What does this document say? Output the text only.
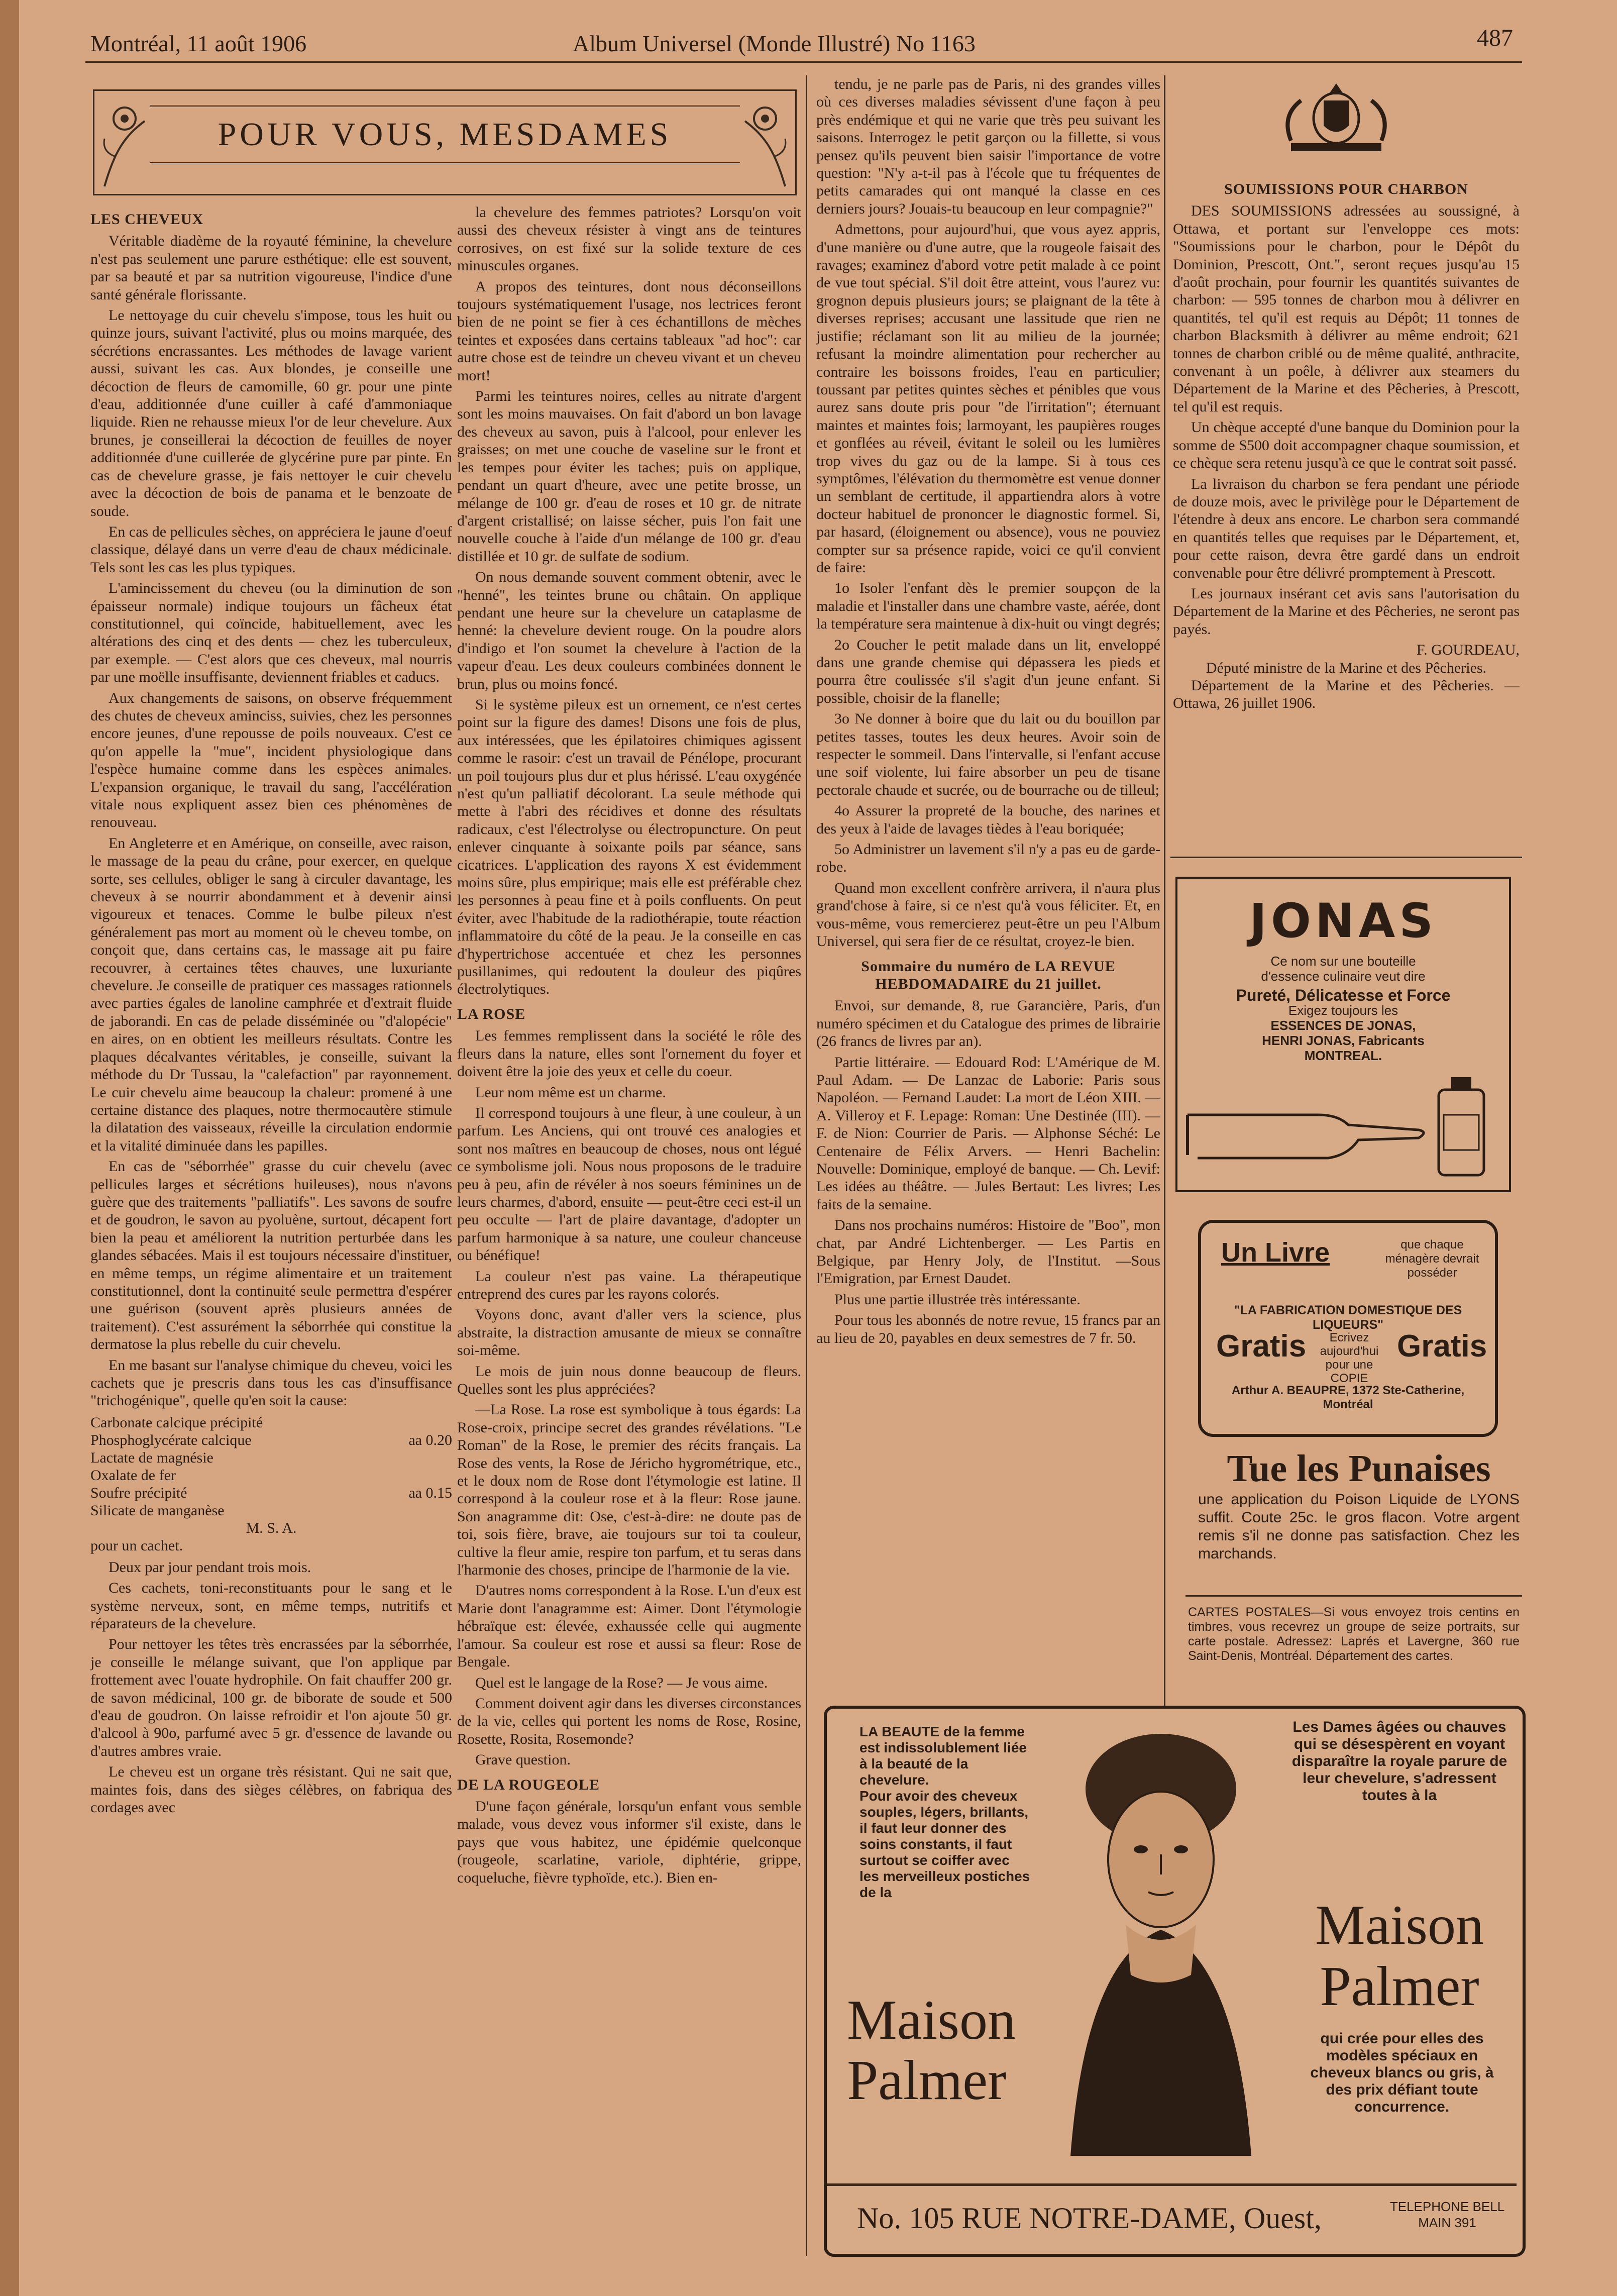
Montréal, 11 août 1906	Album Universel (Monde Illustré) No 1163	487
POUR VOUS, MESDAMES
LES CHEVEUX

Véritable diadème de la royauté féminine, la chevelure n'est pas seulement une parure esthétique: elle est souvent, par sa beauté et par sa nutrition vigoureuse, l'indice d'une santé générale florissante.

Le nettoyage du cuir chevelu s'impose, tous les huit ou quinze jours, suivant l'activité, plus ou moins marquée, des sécrétions encrassantes. Les méthodes de lavage varient aussi, suivant les cas. Aux blondes, je conseille une décoction de fleurs de camomille, 60 gr. pour une pinte d'eau, additionnée d'une cuiller à café d'ammoniaque liquide. Rien ne rehausse mieux l'or de leur chevelure. Aux brunes, je conseillerai la décoction de feuilles de noyer additionnée d'une cuillerée de glycérine pure par pinte. En cas de chevelure grasse, je fais nettoyer le cuir chevelu avec la décoction de bois de panama et le benzoate de soude.

En cas de pellicules sèches, on appréciera le jaune d'oeuf classique, délayé dans un verre d'eau de chaux médicinale. Tels sont les cas les plus typiques.

L'amincissement du cheveu (ou la diminution de son épaisseur normale) indique toujours un fâcheux état constitutionnel, qui coïncide, habituellement, avec les altérations des cinq et des dents — chez les tuberculeux, par exemple. — C'est alors que ces cheveux, mal nourris par une moëlle insuffisante, deviennent friables et caducs.

Aux changements de saisons, on observe fréquemment des chutes de cheveux aminciss, suivies, chez les personnes encore jeunes, d'une repousse de poils nouveaux. C'est ce qu'on appelle la "mue", incident physiologique dans l'espèce humaine comme dans les espèces animales. L'expansion organique, le travail du sang, l'accélération vitale nous expliquent assez bien ces phénomènes de renouveau.

En Angleterre et en Amérique, on conseille, avec raison, le massage de la peau du crâne, pour exercer, en quelque sorte, ses cellules, obliger le sang à circuler davantage, les cheveux à se nourrir abondamment et à devenir ainsi vigoureux et tenaces. Comme le bulbe pileux n'est généralement pas mort au moment où le cheveu tombe, on conçoit que, dans certains cas, le massage ait pu faire recouvrer, à certaines têtes chauves, une luxuriante chevelure. Je conseille de pratiquer ces massages rationnels avec parties égales de lanoline camphrée et d'extrait fluide de jaborandi. En cas de pelade disséminée ou "d'alopécie" en aires, on en obtient les meilleurs résultats. Contre les plaques décalvantes véritables, je conseille, suivant la méthode du Dr Tussau, la "calefaction" par rayonnement. Le cuir chevelu aime beaucoup la chaleur: promené à une certaine distance des plaques, notre thermocautère stimule la dilatation des vaisseaux, réveille la circulation endormie et la vitalité diminuée dans les papilles.

En cas de "séborrhée" grasse du cuir chevelu (avec pellicules larges et sécrétions huileuses), nous n'avons guère que des traitements "palliatifs". Les savons de soufre et de goudron, le savon au pyoluène, surtout, décapent fort bien la peau et améliorent la nutrition perturbée dans les glandes sébacées. Mais il est toujours nécessaire d'instituer, en même temps, un régime alimentaire et un traitement constitutionnel, dont la continuité seule permettra d'espérer une guérison (souvent après plusieurs années de traitement). C'est assurément la séborrhée qui constitue la dermatose la plus rebelle du cuir chevelu.

En me basant sur l'analyse chimique du cheveu, voici les cachets que je prescris dans tous les cas d'insuffisance "trichogénique", quelle qu'en soit la cause:

Carbonate calcique précipité
Phosphoglycérate calcique	aa 0.20
Lactate de magnésie
Oxalate de fer
Soufre précipité	aa 0.15
Silicate de manganèse
M. S. A.
pour un cachet.

Deux par jour pendant trois mois.

Ces cachets, toni-reconstituants pour le sang et le système nerveux, sont, en même temps, nutritifs et réparateurs de la chevelure.

Pour nettoyer les têtes très encrassées par la séborrhée, je conseille le mélange suivant, que l'on applique par frottement avec l'ouate hydrophile. On fait chauffer 200 gr. de savon médicinal, 100 gr. de biborate de soude et 500 d'eau de goudron. On laisse refroidir et l'on ajoute 50 gr. d'alcool à 90o, parfumé avec 5 gr. d'essence de lavande ou d'autres ambres vraie.

Le cheveu est un organe très résistant. Qui ne sait que, maintes fois, dans des sièges célèbres, on fabriqua des cordages avec

la chevelure des femmes patriotes? Lorsqu'on voit aussi des cheveux résister à vingt ans de teintures corrosives, on est fixé sur la solide texture de ces minuscules organes.

A propos des teintures, dont nous déconseillons toujours systématiquement l'usage, nos lectrices feront bien de ne point se fier à ces échantillons de mèches teintes et exposées dans certains tableaux "ad hoc": car autre chose est de teindre un cheveu vivant et un cheveu mort!

Parmi les teintures noires, celles au nitrate d'argent sont les moins mauvaises. On fait d'abord un bon lavage des cheveux au savon, puis à l'alcool, pour enlever les graisses; on met une couche de vaseline sur le front et les tempes pour éviter les taches; puis on applique, pendant un quart d'heure, avec une petite brosse, un mélange de 100 gr. d'eau de roses et 10 gr. de nitrate d'argent cristallisé; on laisse sécher, puis l'on fait une nouvelle couche à l'aide d'un mélange de 100 gr. d'eau distillée et 10 gr. de sulfate de sodium.

On nous demande souvent comment obtenir, avec le "henné", les teintes brune ou châtain. On applique pendant une heure sur la chevelure un cataplasme de henné: la chevelure devient rouge. On la poudre alors d'indigo et l'on soumet la chevelure à l'action de la vapeur d'eau. Les deux couleurs combinées donnent le brun, plus ou moins foncé.

Si le système pileux est un ornement, ce n'est certes point sur la figure des dames! Disons une fois de plus, aux intéressées, que les épilatoires chimiques agissent comme le rasoir: c'est un travail de Pénélope, procurant un poil toujours plus dur et plus hérissé. L'eau oxygénée n'est qu'un palliatif décolorant. La seule méthode qui mette à l'abri des récidives et donne des résultats radicaux, c'est l'électrolyse ou électropuncture. On peut enlever cinquante à soixante poils par séance, sans cicatrices. L'application des rayons X est évidemment moins sûre, plus empirique; mais elle est préférable chez les personnes à peau fine et à poils confluents. On peut éviter, avec l'habitude de la radiothérapie, toute réaction inflammatoire du côté de la peau. Je la conseille en cas d'hypertrichose accentuée et chez les personnes pusillanimes, qui redoutent la douleur des piqûres électrolytiques.

LA ROSE

Les femmes remplissent dans la société le rôle des fleurs dans la nature, elles sont l'ornement du foyer et doivent être la joie des yeux et celle du coeur.

Leur nom même est un charme.

Il correspond toujours à une fleur, à une couleur, à un parfum. Les Anciens, qui ont trouvé ces analogies et sont nos maîtres en beaucoup de choses, nous ont légué ce symbolisme joli. Nous nous proposons de le traduire peu à peu, afin de révéler à nos soeurs féminines un de leurs charmes, d'abord, ensuite — peut-être ceci est-il un peu occulte — l'art de plaire davantage, d'adopter un parfum harmonique à sa nature, une couleur chanceuse ou bénéfique!

La couleur n'est pas vaine. La thérapeutique entreprend des cures par les rayons colorés.

Voyons donc, avant d'aller vers la science, plus abstraite, la distraction amusante de mieux se connaître soi-même.

Le mois de juin nous donne beaucoup de fleurs. Quelles sont les plus appréciées?

—La Rose. La rose est symbolique à tous égards: La Rose-croix, principe secret des grandes révélations. "Le Roman" de la Rose, le premier des récits français. La Rose des vents, la Rose de Jéricho hygrométrique, etc., et le doux nom de Rose dont l'étymologie est latine. Il correspond à la couleur rose et à la fleur: Rose jaune. Son anagramme dit: Ose, c'est-à-dire: ne doute pas de toi, sois fière, brave, aie toujours sur toi ta couleur, cultive la fleur amie, respire ton parfum, et tu seras dans l'harmonie des choses, principe de l'harmonie de la vie.

D'autres noms correspondent à la Rose. L'un d'eux est Marie dont l'anagramme est: Aimer. Dont l'étymologie hébraïque est: élevée, exhaussée celle qui augmente l'amour. Sa couleur est rose et aussi sa fleur: Rose de Bengale.

Quel est le langage de la Rose? — Je vous aime.

Comment doivent agir dans les diverses circonstances de la vie, celles qui portent les noms de Rose, Rosine, Rosette, Rosita, Rosemonde?

Grave question.

DE LA ROUGEOLE

D'une façon générale, lorsqu'un enfant vous semble malade, vous devez vous informer s'il existe, dans le pays que vous habitez, une épidémie quelconque (rougeole, scarlatine, variole, diphtérie, grippe, coqueluche, fièvre typhoïde, etc.). Bien en-

tendu, je ne parle pas de Paris, ni des grandes villes où ces diverses maladies sévissent d'une façon à peu près endémique et qui ne varie que très peu suivant les saisons. Interrogez le petit garçon ou la fillette, si vous pensez qu'ils peuvent bien saisir l'importance de votre question: "N'y a-t-il pas à l'école que tu fréquentes de petits camarades qui ont manqué la classe en ces derniers jours? Jouais-tu beaucoup en leur compagnie?"

Admettons, pour aujourd'hui, que vous ayez appris, d'une manière ou d'une autre, que la rougeole faisait des ravages; examinez d'abord votre petit malade à ce point de vue tout spécial. S'il doit être atteint, vous l'aurez vu: grognon depuis plusieurs jours; se plaignant de la tête à diverses reprises; accusant une lassitude que rien ne justifie; réclamant son lit au milieu de la journée; refusant la moindre alimentation pour rechercher au contraire les boissons froides, l'eau en particulier; toussant par petites quintes sèches et pénibles que vous aurez sans doute pris pour "de l'irritation"; éternuant maintes et maintes fois; larmoyant, les paupières rouges et gonflées au réveil, évitant le soleil ou les lumières trop vives du gaz ou de la lampe. Si à tous ces symptômes, l'élévation du thermomètre est venue donner un semblant de certitude, il appartiendra alors à votre docteur habituel de prononcer le diagnostic formel. Si, par hasard, (éloignement ou absence), vous ne pouviez compter sur sa présence rapide, voici ce qu'il convient de faire:

1o Isoler l'enfant dès le premier soupçon de la maladie et l'installer dans une chambre vaste, aérée, dont la température sera maintenue à dix-huit ou vingt degrés;

2o Coucher le petit malade dans un lit, enveloppé dans une grande chemise qui dépassera les pieds et pourra être coulissée s'il s'agit d'un jeune enfant. Si possible, choisir de la flanelle;

3o Ne donner à boire que du lait ou du bouillon par petites tasses, toutes les deux heures. Avoir soin de respecter le sommeil. Dans l'intervalle, si l'enfant accuse une soif violente, lui faire absorber un peu de tisane pectorale chaude et sucrée, ou de bourrache ou de tilleul;

4o Assurer la propreté de la bouche, des narines et des yeux à l'aide de lavages tièdes à l'eau boriquée;

5o Administrer un lavement s'il n'y a pas eu de garde-robe.

Quand mon excellent confrère arrivera, il n'aura plus grand'chose à faire, si ce n'est qu'à vous féliciter. Et, en vous-même, vous remercierez peut-être un peu l'Album Universel, qui sera fier de ce résultat, croyez-le bien.

Sommaire du numéro de LA REVUE HEBDOMADAIRE du 21 juillet.

Envoi, sur demande, 8, rue Garancière, Paris, d'un numéro spécimen et du Catalogue des primes de librairie (26 francs de livres par an).

Partie littéraire. — Edouard Rod: L'Amérique de M. Paul Adam. — De Lanzac de Laborie: Paris sous Napoléon. — Fernand Laudet: La mort de Léon XIII. — A. Villeroy et F. Lepage: Roman: Une Destinée (III). — F. de Nion: Courrier de Paris. — Alphonse Séché: Le Centenaire de Félix Arvers. — Henri Bachelin: Nouvelle: Dominique, employé de banque. — Ch. Levif: Les idées au théâtre. — Jules Bertaut: Les livres; Les faits de la semaine.

Dans nos prochains numéros: Histoire de "Boo", mon chat, par André Lichtenberger. — Les Partis en Belgique, par Henry Joly, de l'Institut. —Sous l'Emigration, par Ernest Daudet.

Plus une partie illustrée très intéressante.

Pour tous les abonnés de notre revue, 15 francs par an au lieu de 20, payables en deux semestres de 7 fr. 50.

SOUMISSIONS POUR CHARBON

DES SOUMISSIONS adressées au soussigné, à Ottawa, et portant sur l'enveloppe ces mots: "Soumissions pour le charbon, pour le Dépôt du Dominion, Prescott, Ont.", seront reçues jusqu'au 15 d'août prochain, pour fournir les quantités suivantes de charbon: — 595 tonnes de charbon mou à délivrer en quantités, tel qu'il est requis au Dépôt; 11 tonnes de charbon Blacksmith à délivrer au même endroit; 621 tonnes de charbon criblé ou de même qualité, anthracite, convenant à un poêle, à délivrer aux steamers du Département de la Marine et des Pêcheries, à Prescott, tel qu'il est requis.

Un chèque accepté d'une banque du Dominion pour la somme de $500 doit accompagner chaque soumission, et ce chèque sera retenu jusqu'à ce que le contrat soit passé.

La livraison du charbon se fera pendant une période de douze mois, avec le privilège pour le Département de l'étendre à deux ans encore. Le charbon sera commandé en quantités telles que requises par le Département, et, pour cette raison, devra être gardé dans un endroit convenable pour être délivré promptement à Prescott.

Les journaux insérant cet avis sans l'autorisation du Département de la Marine et des Pêcheries, ne seront pas payés.

F. GOURDEAU,
Député ministre de la Marine et des Pêcheries.

Département de la Marine et des Pêcheries. — Ottawa, 26 juillet 1906.

JONAS
Ce nom sur une bouteille d'essence culinaire veut dire
Pureté, Délicatesse et Force
Exigez toujours les
ESSENCES DE JONAS,
HENRI JONAS, Fabricants
MONTREAL.
Un Livre	que chaque ménagère devrait posséder
"LA FABRICATION DOMESTIQUE DES LIQUEURS"
Gratis	Ecrivez aujourd'hui pour une COPIE
Gratis
Arthur A. BEAUPRE, 1372 Ste-Catherine, Montréal
Tue les Punaises
une application du Poison Liquide de LYONS suffit. Coute 25c. le gros flacon. Votre argent remis s'il ne donne pas satisfaction. Chez les marchands.
CARTES POSTALES—Si vous envoyez trois centins en timbres, vous recevrez un groupe de seize portraits, sur carte postale. Adressez: Laprés et Lavergne, 360 rue Saint-Denis, Montréal. Département des cartes.
LA BEAUTE de la femme est indissolublement liée à la beauté de la chevelure.
Pour avoir des cheveux souples, légers, brillants, il faut leur donner des soins constants, il faut surtout se coiffer avec les merveilleux postiches de la
Maison
Palmer
Les Dames âgées ou chauves qui se désespèrent en voyant disparaître la royale parure de leur chevelure, s'adressent toutes à la
Maison
Palmer
qui crée pour elles des modèles spéciaux en cheveux blancs ou gris, à des prix défiant toute concurrence.
No. 105 RUE NOTRE-DAME, Ouest,	TELEPHONE BELL
MAIN 391
